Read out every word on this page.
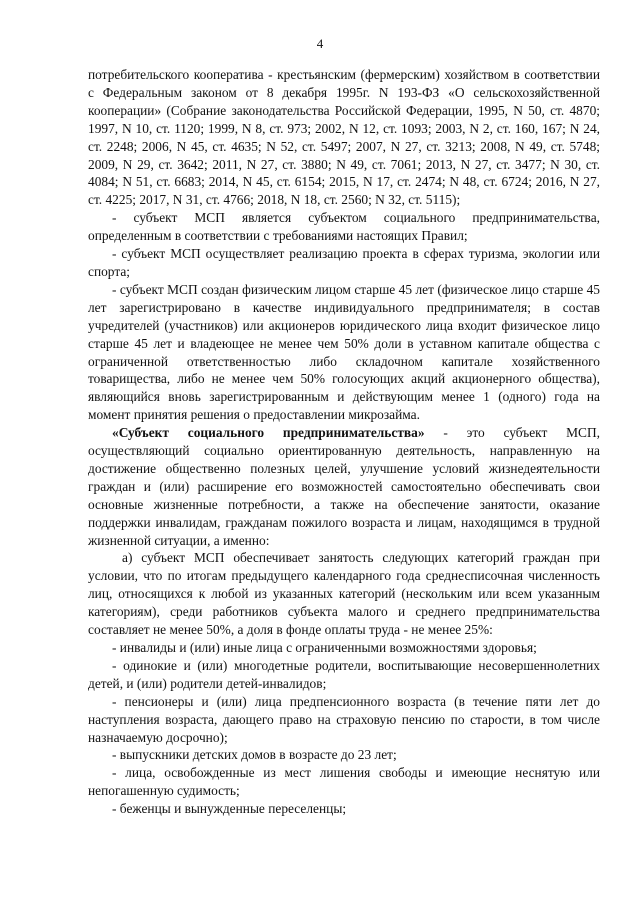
4

потребительского кооператива - крестьянским (фермерским) хозяйством в соответствии с Федеральным законом от 8 декабря 1995г. N 193-ФЗ «О сельскохозяйственной кооперации» (Собрание законодательства Российской Федерации, 1995, N 50, ст. 4870; 1997, N 10, ст. 1120; 1999, N 8, ст. 973; 2002, N 12, ст. 1093; 2003, N 2, ст. 160, 167; N 24, ст. 2248; 2006, N 45, ст. 4635; N 52, ст. 5497; 2007, N 27, ст. 3213; 2008, N 49, ст. 5748; 2009, N 29, ст. 3642; 2011, N 27, ст. 3880; N 49, ст. 7061; 2013, N 27, ст. 3477; N 30, ст. 4084; N 51, ст. 6683; 2014, N 45, ст. 6154; 2015, N 17, ст. 2474; N 48, ст. 6724; 2016, N 27, ст. 4225; 2017, N 31, ст. 4766; 2018, N 18, ст. 2560; N 32, ст. 5115);

- субъект МСП является субъектом социального предпринимательства, определенным в соответствии с требованиями настоящих Правил;

- субъект МСП осуществляет реализацию проекта в сферах туризма, экологии или спорта;

- субъект МСП создан физическим лицом старше 45 лет (физическое лицо старше 45 лет зарегистрировано в качестве индивидуального предпринимателя; в состав учредителей (участников) или акционеров юридического лица входит физическое лицо старше 45 лет и владеющее не менее чем 50% доли в уставном капитале общества с ограниченной ответственностью либо складочном капитале хозяйственного товарищества, либо не менее чем 50% голосующих акций акционерного общества), являющийся вновь зарегистрированным и действующим менее 1 (одного) года на момент принятия решения о предоставлении микрозайма.

«Субъект социального предпринимательства» - это субъект МСП, осуществляющий социально ориентированную деятельность, направленную на достижение общественно полезных целей, улучшение условий жизнедеятельности граждан и (или) расширение его возможностей самостоятельно обеспечивать свои основные жизненные потребности, а также на обеспечение занятости, оказание поддержки инвалидам, гражданам пожилого возраста и лицам, находящимся в трудной жизненной ситуации, а именно:

а) субъект МСП обеспечивает занятость следующих категорий граждан при условии, что по итогам предыдущего календарного года среднесписочная численность лиц, относящихся к любой из указанных категорий (нескольким или всем указанным категориям), среди работников субъекта малого и среднего предпринимательства составляет не менее 50%, а доля в фонде оплаты труда - не менее 25%:

- инвалиды и (или) иные лица с ограниченными возможностями здоровья;

- одинокие и (или) многодетные родители, воспитывающие несовершеннолетних детей, и (или) родители детей-инвалидов;

- пенсионеры и (или) лица предпенсионного возраста (в течение пяти лет до наступления возраста, дающего право на страховую пенсию по старости, в том числе назначаемую досрочно);

- выпускники детских домов в возрасте до 23 лет;

- лица, освобожденные из мест лишения свободы и имеющие неснятую или непогашенную судимость;

- беженцы и вынужденные переселенцы;
